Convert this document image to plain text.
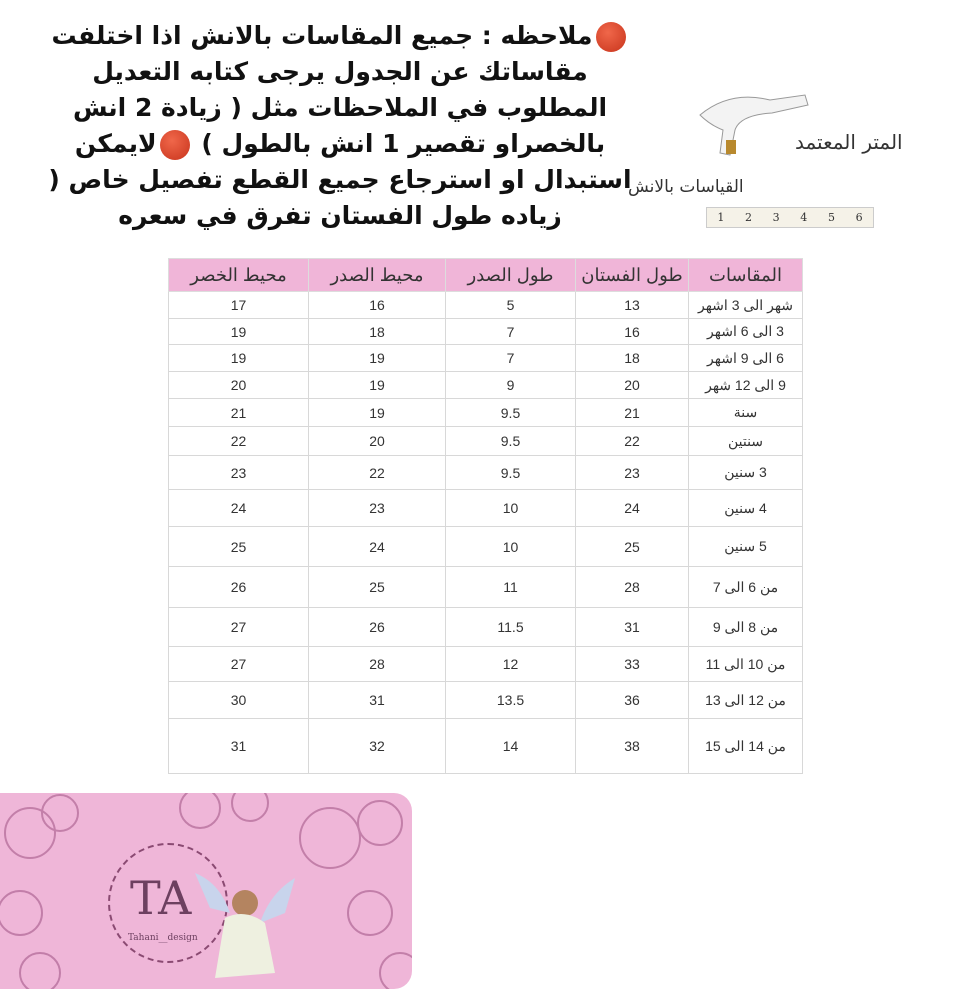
ملاحظه : جميع المقاسات بالانش اذا اختلفت مقاساتك عن الجدول يرجى كتابه التعديل المطلوب في الملاحظات مثل ( زيادة 2 انش بالخصراو تقصير 1 انش بالطول ) لايمكن استبدال او استرجاع جميع القطع تفصيل خاص ( زياده طول الفستان تفرق في سعره
المتر المعتمد
القياسات بالانش
1 2 3 4 5 6
المقاسات	طول الفستان	طول الصدر	محيط الصدر	محيط الخصر
شهر الى 3 اشهر	13	5	16	17
3 الى 6 اشهر	16	7	18	19
6 الى 9 اشهر	18	7	19	19
9 الى 12 شهر	20	9	19	20
سنة	21	9.5	19	21
سنتين	22	9.5	20	22
3 سنين	23	9.5	22	23
4 سنين	24	10	23	24
5 سنين	25	10	24	25
من 6 الى 7	28	11	25	26
من 8 الى 9	31	11.5	26	27
من 10 الى 11	33	12	28	27
من 12 الى 13	36	13.5	31	30
من 14 الى 15	38	14	32	31
TA
Tahani__design
